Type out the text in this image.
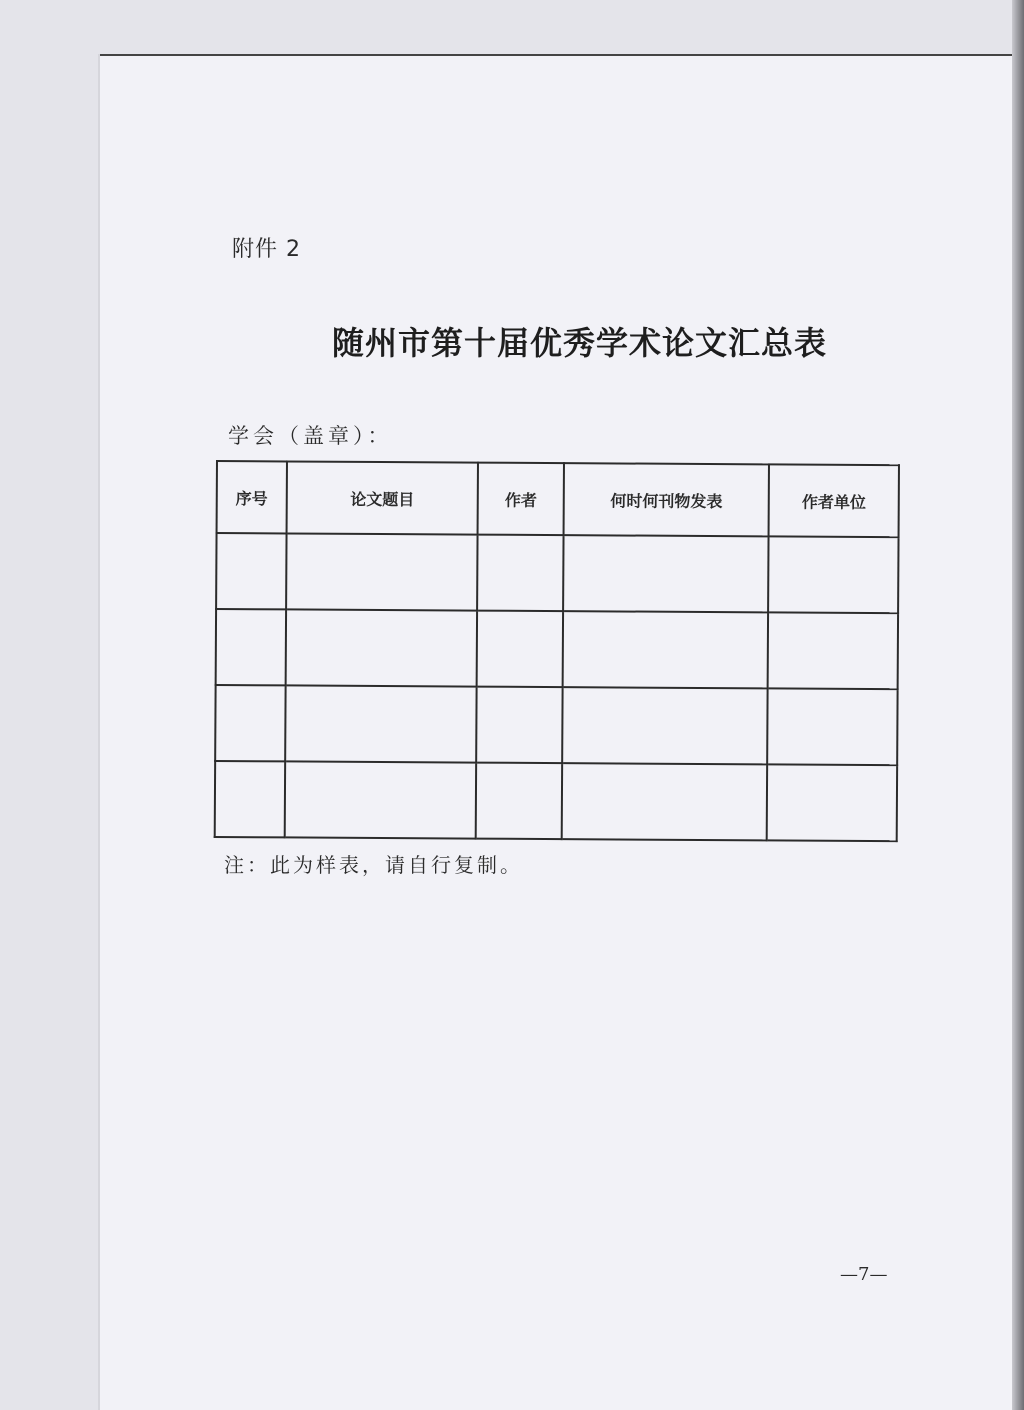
附件 2
随州市第十届优秀学术论文汇总表
学会（盖章）：
序号	论文题目	作者	何时何刊物发表	作者单位

注：此为样表，请自行复制。
—7—
